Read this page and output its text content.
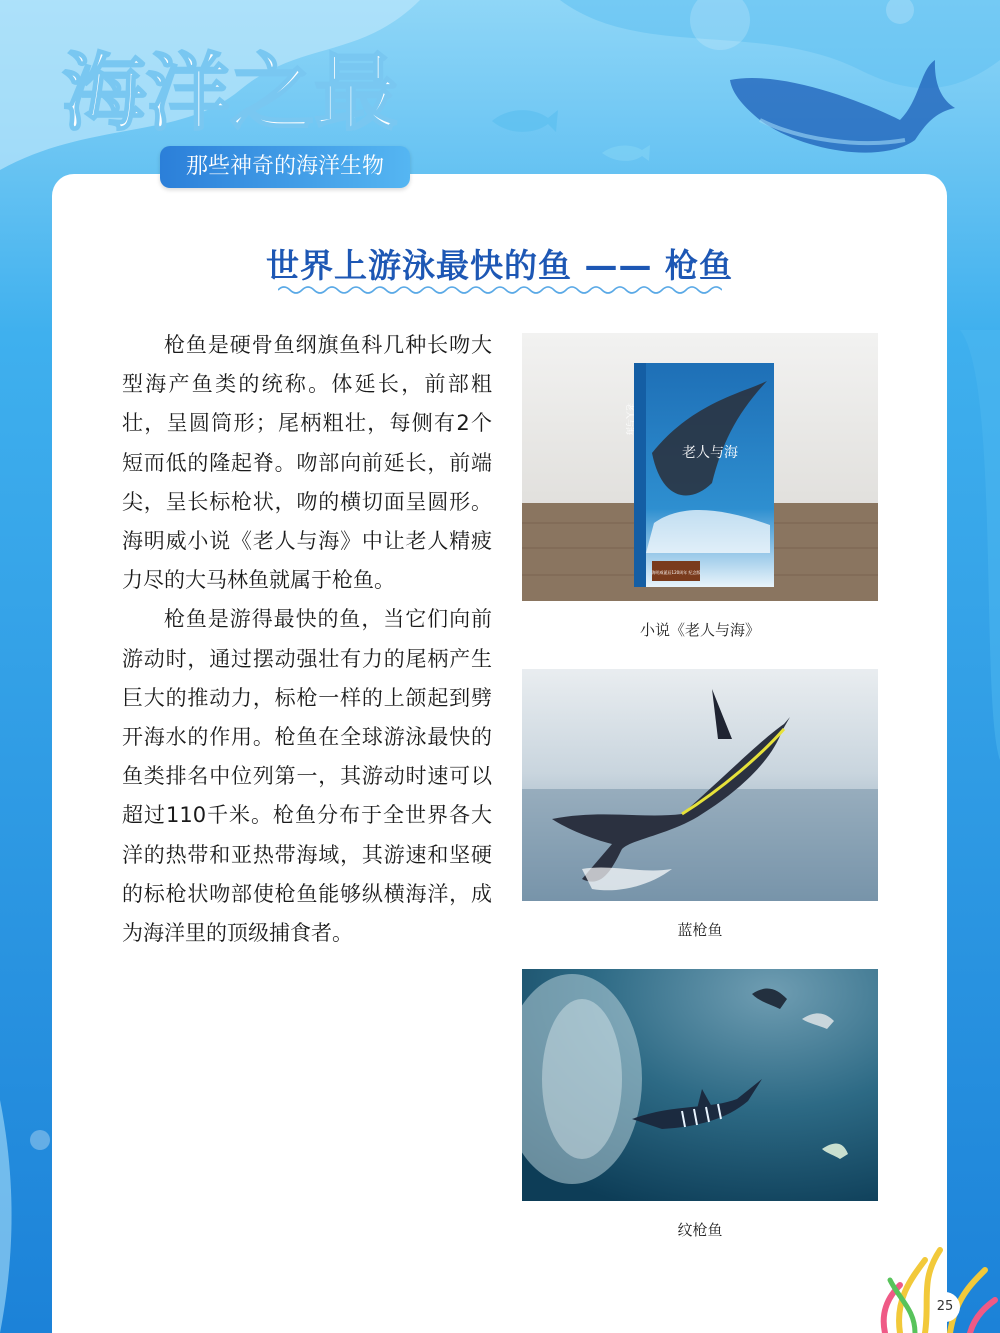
海洋之最
那些神奇的海洋生物
世界上游泳最快的鱼 —— 枪鱼

枪鱼是硬骨鱼纲旗鱼科几种长吻大型海产鱼类的统称。体延长，前部粗壮，呈圆筒形；尾柄粗壮，每侧有2个短而低的隆起脊。吻部向前延长，前端尖，呈长标枪状，吻的横切面呈圆形。海明威小说《老人与海》中让老人精疲力尽的大马林鱼就属于枪鱼。

枪鱼是游得最快的鱼，当它们向前游动时，通过摆动强壮有力的尾柄产生巨大的推动力，标枪一样的上颌起到劈开海水的作用。枪鱼在全球游泳最快的鱼类排名中位列第一，其游动时速可以超过110千米。枪鱼分布于全世界各大洋的热带和亚热带海域，其游速和坚硬的标枪状吻部使枪鱼能够纵横海洋，成为海洋里的顶级捕食者。

老人与海
老人与海
海明威诞辰120周年 纪念版
小说《老人与海》
蓝枪鱼
纹枪鱼
25
